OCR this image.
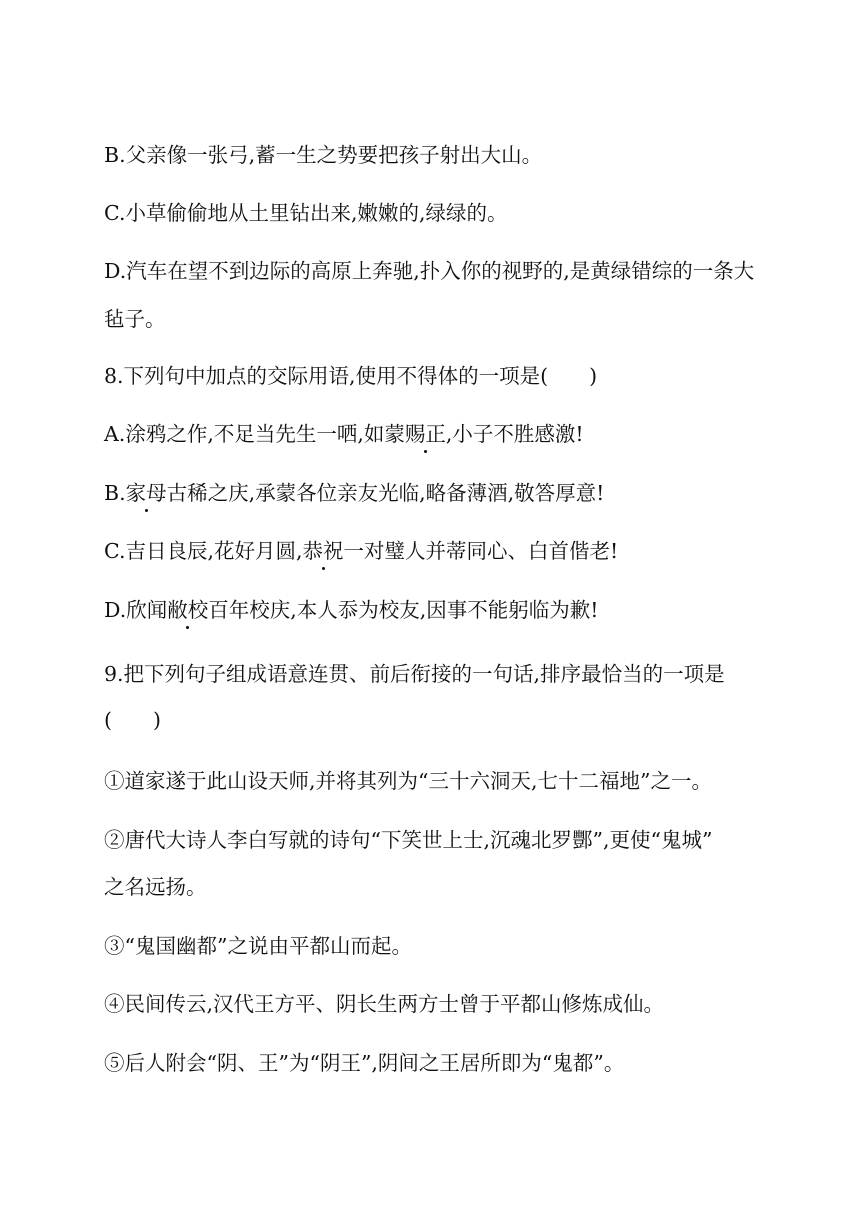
B.父亲像一张弓,蓄一生之势要把孩子射出大山。
C.小草偷偷地从土里钻出来,嫩嫩的,绿绿的。
D.汽车在望不到边际的高原上奔驰,扑入你的视野的,是黄绿错综的一条大
毡子。
8.下列句中加点的交际用语,使用不得体的一项是(　　)
A.涂鸦之作,不足当先生一哂,如蒙赐正,小子不胜感激!
B.家母古稀之庆,承蒙各位亲友光临,略备薄酒,敬答厚意!
C.吉日良辰,花好月圆,恭祝一对璧人并蒂同心、白首偕老!
D.欣闻敝校百年校庆,本人忝为校友,因事不能躬临为歉!
9.把下列句子组成语意连贯、前后衔接的一句话,排序最恰当的一项是
(　　)
①道家遂于此山设天师,并将其列为“三十六洞天,七十二福地”之一。
②唐代大诗人李白写就的诗句“下笑世上士,沉魂北罗酆”,更使“鬼城”
之名远扬。
③“鬼国幽都”之说由平都山而起。
④民间传云,汉代王方平、阴长生两方士曾于平都山修炼成仙。
⑤后人附会“阴、王”为“阴王”,阴间之王居所即为“鬼都”。
